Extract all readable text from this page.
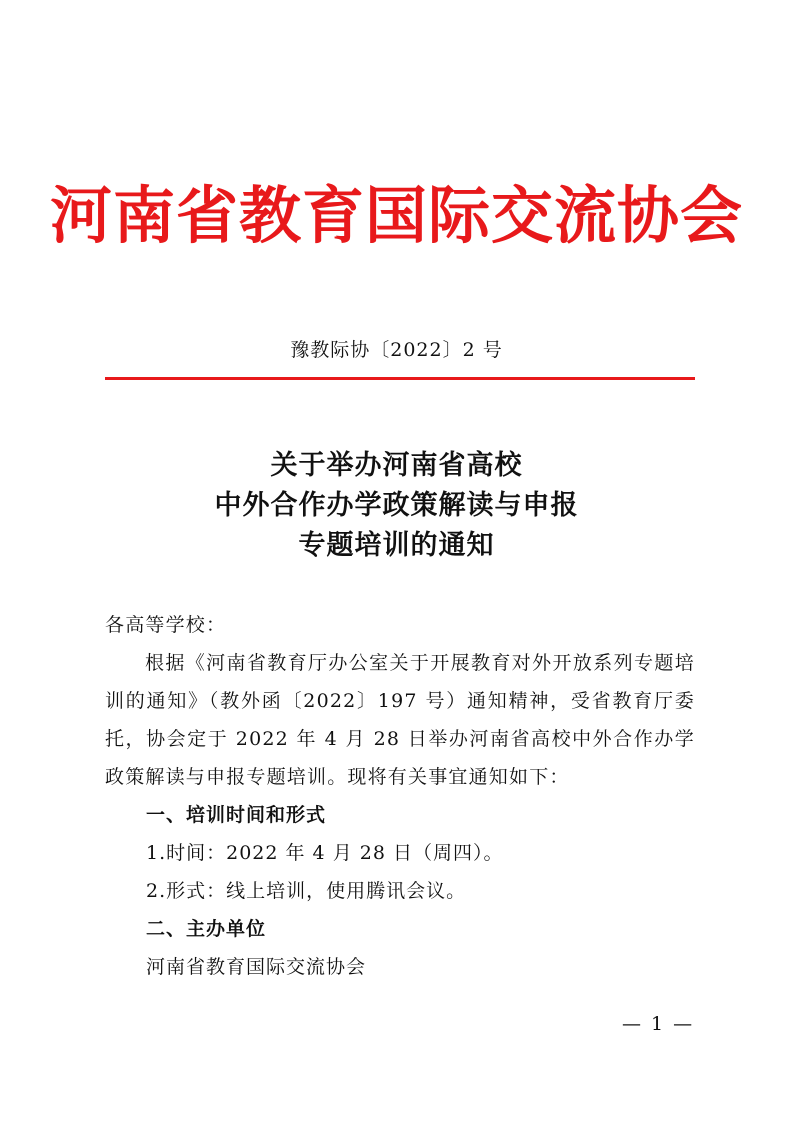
河南省教育国际交流协会
豫教际协〔2022〕2 号
关于举办河南省高校
中外合作办学政策解读与申报
专题培训的通知
各高等学校：
根据《河南省教育厅办公室关于开展教育对外开放系列专题培训的通知》（教外函〔2022〕197 号）通知精神，受省教育厅委托，协会定于 2022 年 4 月 28 日举办河南省高校中外合作办学政策解读与申报专题培训。现将有关事宜通知如下：
一、培训时间和形式
1.时间：2022 年 4 月 28 日（周四）。
2.形式：线上培训，使用腾讯会议。
二、主办单位
河南省教育国际交流协会
— 1 —
